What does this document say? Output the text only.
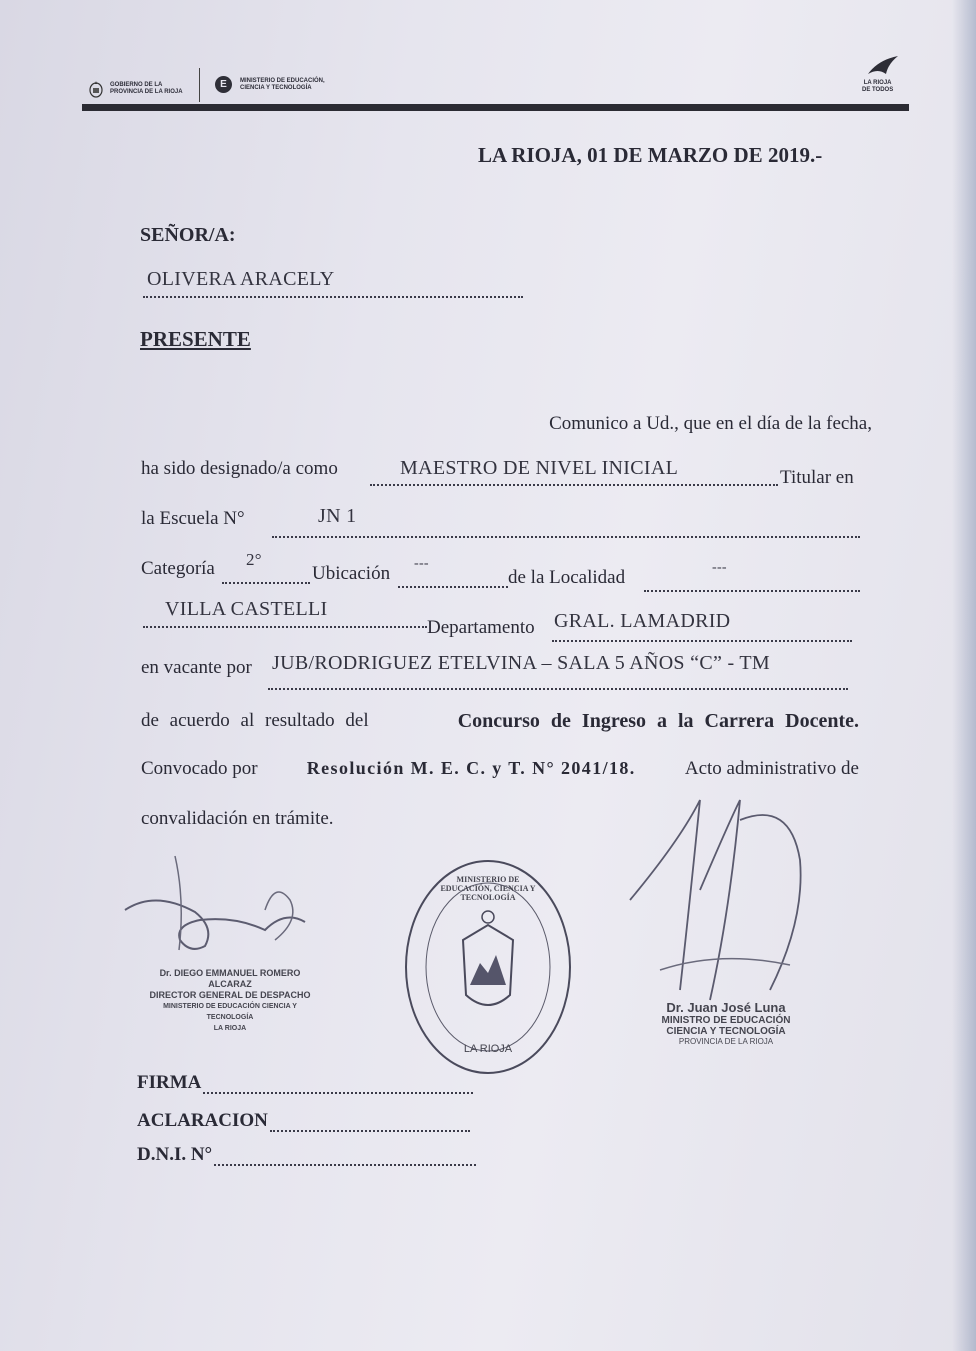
GOBIERNO DE LA
PROVINCIA DE LA RIOJA
E	MINISTERIO DE EDUCACIÓN,
CIENCIA Y TECNOLOGÍA
LA RIOJA
DE TODOS
LA RIOJA, 01 DE MARZO DE 2019.-
SEÑOR/A:
OLIVERA ARACELY
PRESENTE
Comunico a Ud., que en el día de la fecha,
ha sido designado/a como	MAESTRO DE NIVEL INICIAL	Titular en
la Escuela N°	JN 1
Categoría 2°
Ubicación ---
de la Localidad	---
VILLA CASTELLI
Departamento GRAL. LAMADRID
en vacante por JUB/RODRIGUEZ ETELVINA – SALA 5 AÑOS “C” - TM
de acuerdo al resultado del	Concurso de Ingreso a la Carrera Docente.
Convocado por	Resolución M. E. C. y T. N° 2041/18.	Acto administrativo de
convalidación en trámite.
Dr. DIEGO EMMANUEL ROMERO ALCARAZ
DIRECTOR GENERAL DE DESPACHO
MINISTERIO DE EDUCACIÓN CIENCIA Y TECNOLOGÍA
LA RIOJA
MINISTERIO DE EDUCACIÓN, CIENCIA Y TECNOLOGÍA
LA RIOJA
Dr. Juan José Luna
MINISTRO DE EDUCACIÓN
CIENCIA Y TECNOLOGÍA
PROVINCIA DE LA RIOJA
FIRMA
ACLARACION
D.N.I. N°
